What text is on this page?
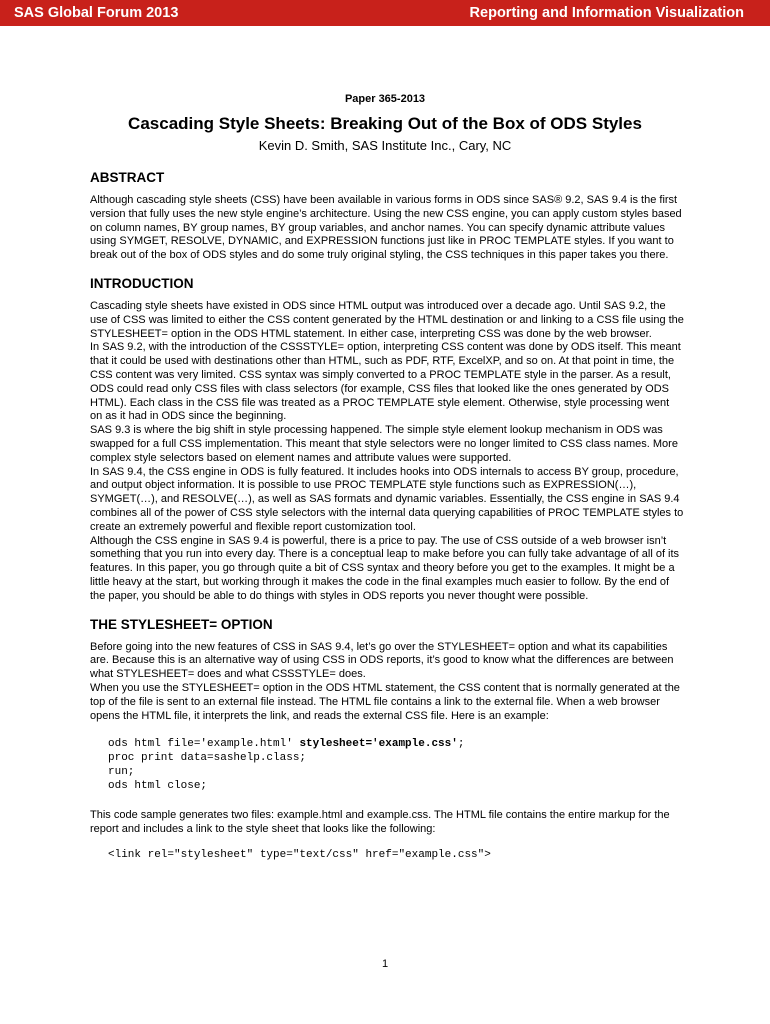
SAS Global Forum 2013	Reporting and Information Visualization
Paper 365-2013
Cascading Style Sheets: Breaking Out of the Box of ODS Styles
Kevin D. Smith, SAS Institute Inc., Cary, NC
ABSTRACT

Although cascading style sheets (CSS) have been available in various forms in ODS since SAS® 9.2, SAS 9.4 is the first version that fully uses the new style engine’s architecture. Using the new CSS engine, you can apply custom styles based on column names, BY group names, BY group variables, and anchor names. You can specify dynamic attribute values using SYMGET, RESOLVE, DYNAMIC, and EXPRESSION functions just like in PROC TEMPLATE styles. If you want to break out of the box of ODS styles and do some truly original styling, the CSS techniques in this paper takes you there.

INTRODUCTION

Cascading style sheets have existed in ODS since HTML output was introduced over a decade ago. Until SAS 9.2, the use of CSS was limited to either the CSS content generated by the HTML destination or and linking to a CSS file using the STYLESHEET= option in the ODS HTML statement. In either case, interpreting CSS was done by the web browser.

In SAS 9.2, with the introduction of the CSSSTYLE= option, interpreting CSS content was done by ODS itself. This meant that it could be used with destinations other than HTML, such as PDF, RTF, ExcelXP, and so on. At that point in time, the CSS content was very limited. CSS syntax was simply converted to a PROC TEMPLATE style in the parser. As a result, ODS could read only CSS files with class selectors (for example, CSS files that looked like the ones generated by ODS HTML). Each class in the CSS file was treated as a PROC TEMPLATE style element. Otherwise, style processing went on as it had in ODS since the beginning.

SAS 9.3 is where the big shift in style processing happened. The simple style element lookup mechanism in ODS was swapped for a full CSS implementation. This meant that style selectors were no longer limited to CSS class names. More complex style selectors based on element names and attribute values were supported.

In SAS 9.4, the CSS engine in ODS is fully featured. It includes hooks into ODS internals to access BY group, procedure, and output object information. It is possible to use PROC TEMPLATE style functions such as EXPRESSION(…), SYMGET(…), and RESOLVE(…), as well as SAS formats and dynamic variables. Essentially, the CSS engine in SAS 9.4 combines all of the power of CSS style selectors with the internal data querying capabilities of PROC TEMPLATE styles to create an extremely powerful and flexible report customization tool.

Although the CSS engine in SAS 9.4 is powerful, there is a price to pay. The use of CSS outside of a web browser isn’t something that you run into every day. There is a conceptual leap to make before you can fully take advantage of all of its features. In this paper, you go through quite a bit of CSS syntax and theory before you get to the examples. It might be a little heavy at the start, but working through it makes the code in the final examples much easier to follow. By the end of the paper, you should be able to do things with styles in ODS reports you never thought were possible.

THE STYLESHEET= OPTION

Before going into the new features of CSS in SAS 9.4, let’s go over the STYLESHEET= option and what its capabilities are. Because this is an alternative way of using CSS in ODS reports, it’s good to know what the differences are between what STYLESHEET= does and what CSSSTYLE= does.

When you use the STYLESHEET= option in the ODS HTML statement, the CSS content that is normally generated at the top of the file is sent to an external file instead. The HTML file contains a link to the external file. When a web browser opens the HTML file, it interprets the link, and reads the external CSS file. Here is an example:

ods html file='example.html' stylesheet='example.css';
proc print data=sashelp.class;
run;
ods html close;

This code sample generates two files: example.html and example.css. The HTML file contains the entire markup for the report and includes a link to the style sheet that looks like the following:

<link rel="stylesheet" type="text/css" href="example.css">
1
